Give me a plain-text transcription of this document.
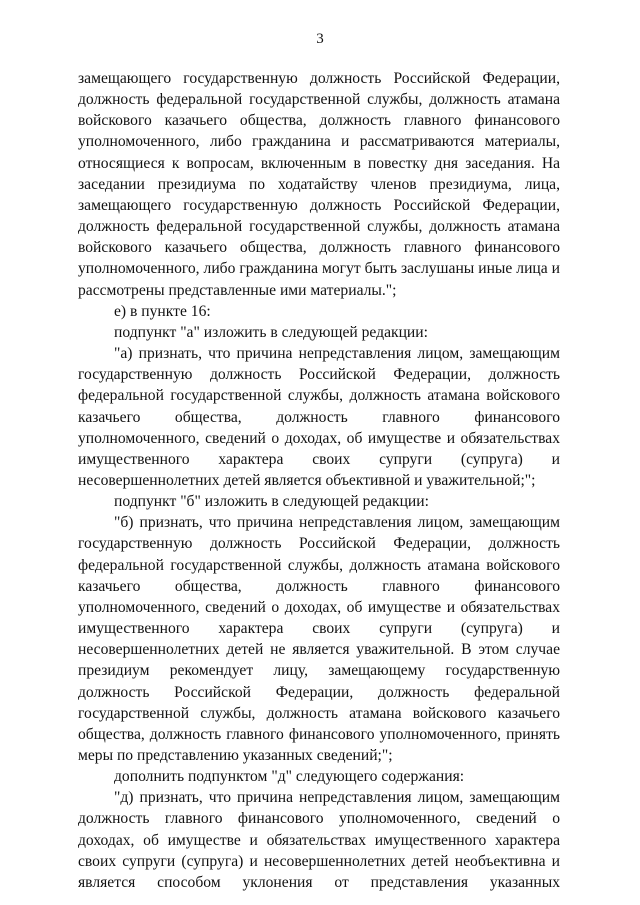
3

замещающего государственную должность Российской Федерации, должность федеральной государственной службы, должность атамана войскового казачьего общества, должность главного финансового уполномоченного, либо гражданина и рассматриваются материалы, относящиеся к вопросам, включенным в повестку дня заседания. На заседании президиума по ходатайству членов президиума, лица, замещающего государственную должность Российской Федерации, должность федеральной государственной службы, должность атамана войскового казачьего общества, должность главного финансового уполномоченного, либо гражданина могут быть заслушаны иные лица и рассмотрены представленные ими материалы.";

е) в пункте 16:

подпункт "а" изложить в следующей редакции:

"а) признать, что причина непредставления лицом, замещающим государственную должность Российской Федерации, должность федеральной государственной службы, должность атамана войскового казачьего общества, должность главного финансового уполномоченного, сведений о доходах, об имуществе и обязательствах имущественного характера своих супруги (супруга) и несовершеннолетних детей является объективной и уважительной;";

подпункт "б" изложить в следующей редакции:

"б) признать, что причина непредставления лицом, замещающим государственную должность Российской Федерации, должность федеральной государственной службы, должность атамана войскового казачьего общества, должность главного финансового уполномоченного, сведений о доходах, об имуществе и обязательствах имущественного характера своих супруги (супруга) и несовершеннолетних детей не является уважительной. В этом случае президиум рекомендует лицу, замещающему государственную должность Российской Федерации, должность федеральной государственной службы, должность атамана войскового казачьего общества, должность главного финансового уполномоченного, принять меры по представлению указанных сведений;";

дополнить подпунктом "д" следующего содержания:

"д) признать, что причина непредставления лицом, замещающим должность главного финансового уполномоченного, сведений о доходах, об имуществе и обязательствах имущественного характера своих супруги (супруга) и несовершеннолетних детей необъективна и является способом уклонения от представления указанных
